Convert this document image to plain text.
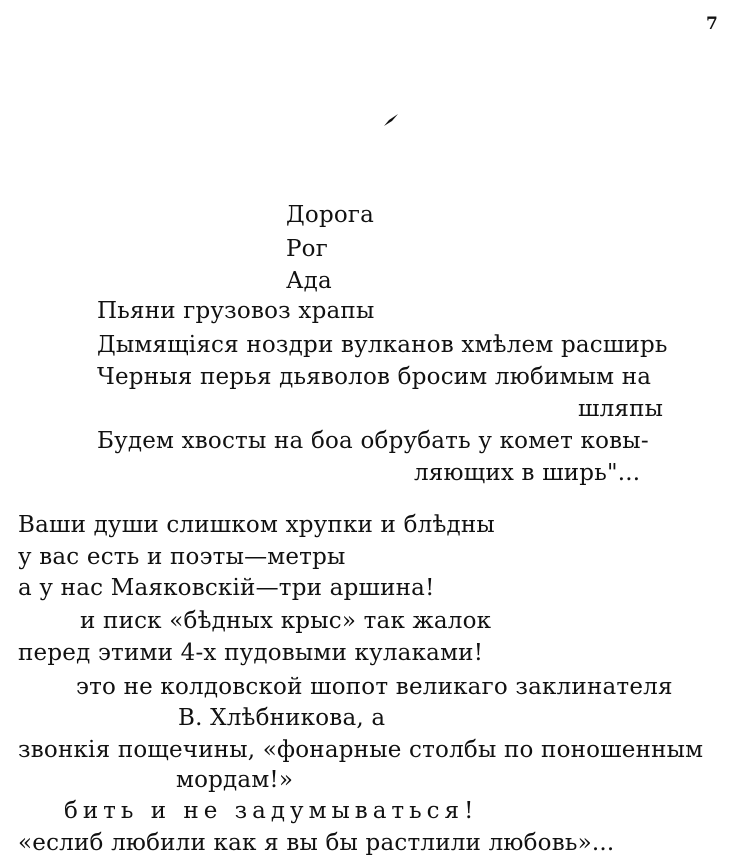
7
Дорога
Рог
Ада
Пьяни грузовоз храпы
Дымящіяся ноздри вулканов хмѣлем расширь
Черныя перья дьяволов бросим любимым на
шляпы
Будем хвосты на боа обрубать у комет ковы-
ляющих в ширь"...
Ваши души слишком хрупки и блѣдны
у вас есть и поэты—метры
а у нас Маяковскій—три аршина!
и писк «бѣдных крыс» так жалок
перед этими 4-х пудовыми кулаками!
это не колдовской шопот великаго заклинателя
В. Хлѣбникова, а
звонкія пощечины, «фонарные столбы по поношенным
мордам!»
бить и не задумываться!
«еслиб любили как я вы бы растлили любовь»...
